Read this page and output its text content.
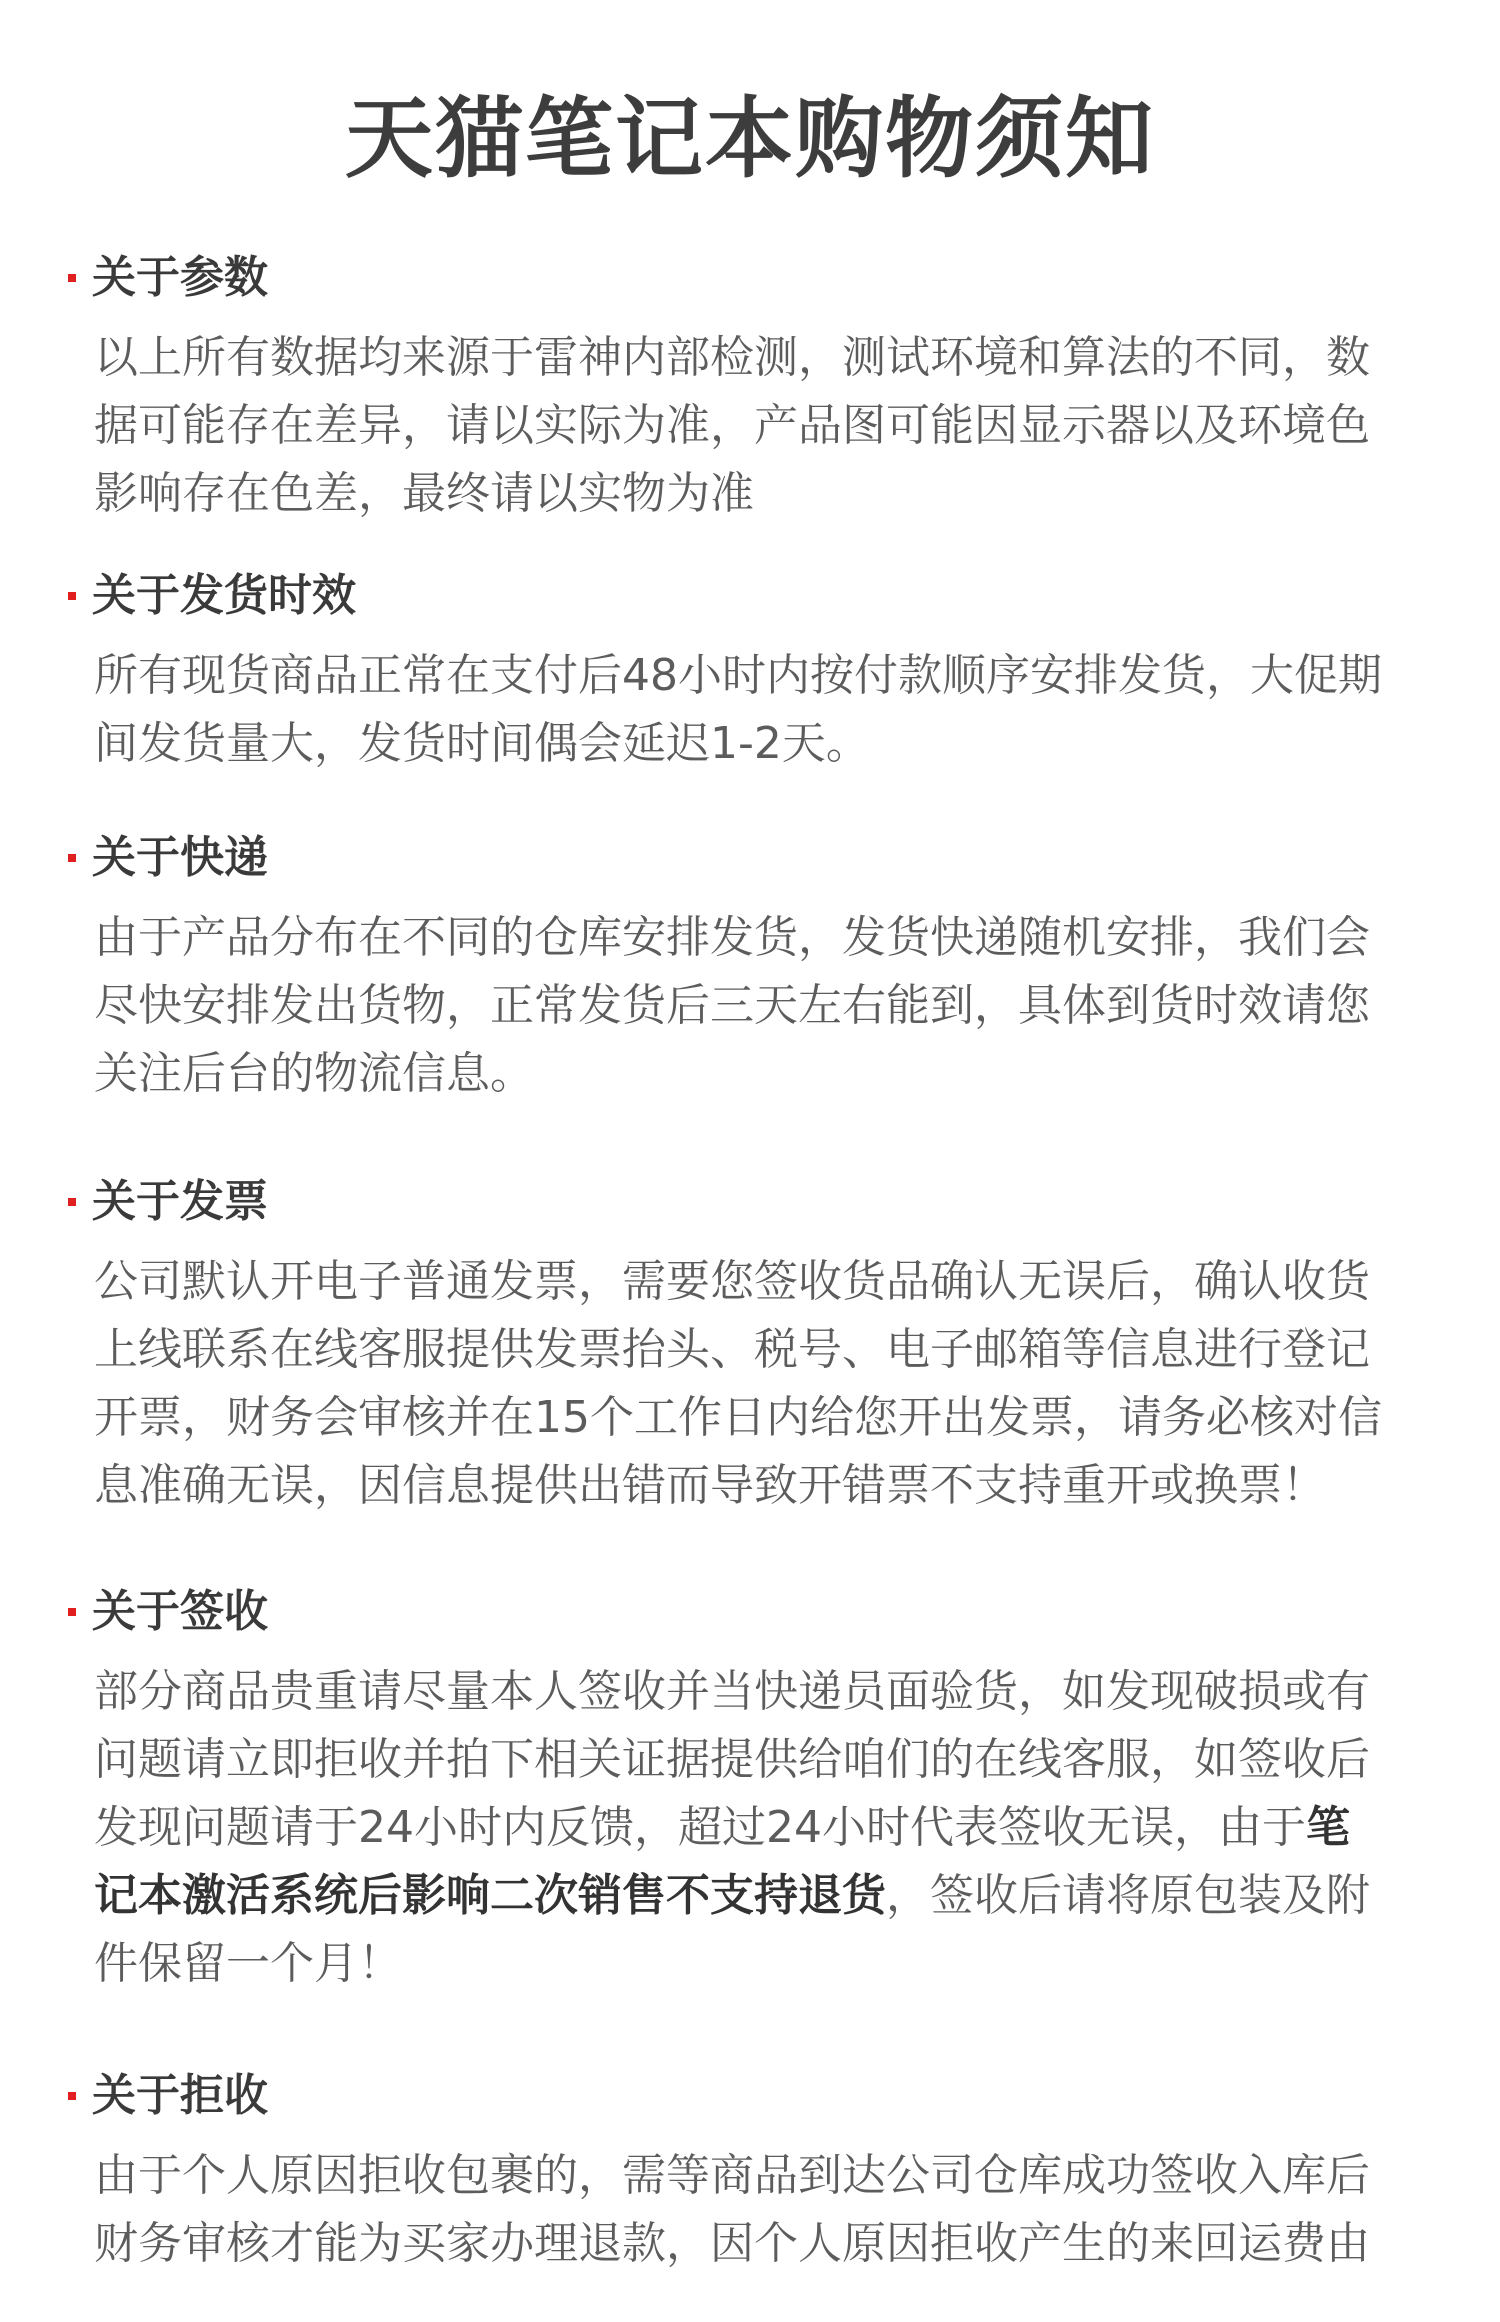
天猫笔记本购物须知
关于参数
以上所有数据均来源于雷神内部检测，测试环境和算法的不同，数
据可能存在差异，请以实际为准，产品图可能因显示器以及环境色
影响存在色差，最终请以实物为准
关于发货时效
所有现货商品正常在支付后48小时内按付款顺序安排发货，大促期
间发货量大，发货时间偶会延迟1-2天。
关于快递
由于产品分布在不同的仓库安排发货，发货快递随机安排，我们会
尽快安排发出货物，正常发货后三天左右能到，具体到货时效请您
关注后台的物流信息。
关于发票
公司默认开电子普通发票，需要您签收货品确认无误后，确认收货
上线联系在线客服提供发票抬头、税号、电子邮箱等信息进行登记
开票，财务会审核并在15个工作日内给您开出发票，请务必核对信
息准确无误，因信息提供出错而导致开错票不支持重开或换票！
关于签收
部分商品贵重请尽量本人签收并当快递员面验货，如发现破损或有
问题请立即拒收并拍下相关证据提供给咱们的在线客服，如签收后
发现问题请于24小时内反馈，超过24小时代表签收无误，由于笔
记本激活系统后影响二次销售不支持退货，签收后请将原包装及附
件保留一个月！
关于拒收
由于个人原因拒收包裹的，需等商品到达公司仓库成功签收入库后
财务审核才能为买家办理退款，因个人原因拒收产生的来回运费由
